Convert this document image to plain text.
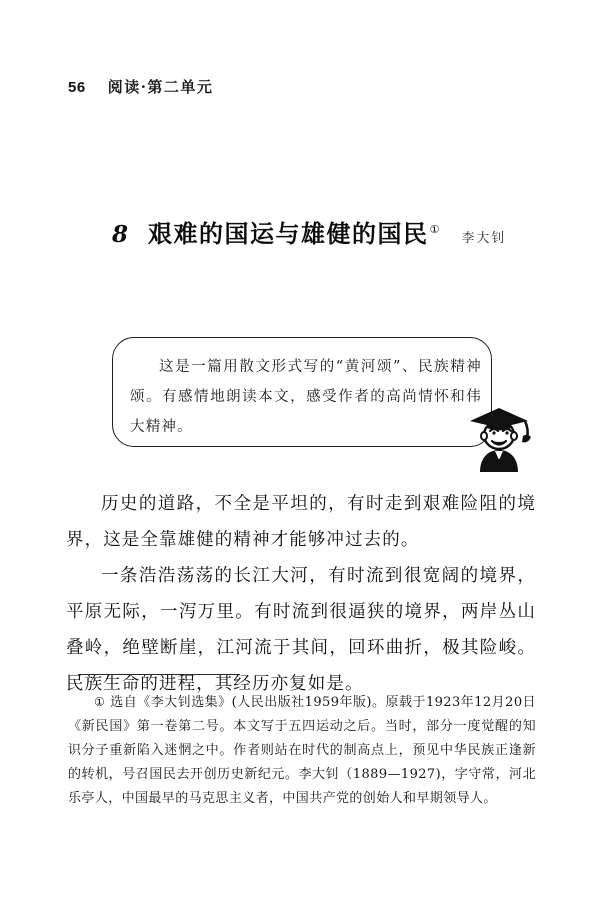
56 阅读·第二单元
8 艰难的国运与雄健的国民①
李大钊
这是一篇用散文形式写的“黄河颂”、民族精神颂。有感情地朗读本文，感受作者的高尚情怀和伟大精神。

历史的道路，不全是平坦的，有时走到艰难险阻的境界，这是全靠雄健的精神才能够冲过去的。

一条浩浩荡荡的长江大河，有时流到很宽阔的境界，平原无际，一泻万里。有时流到很逼狭的境界，两岸丛山叠岭，绝壁断崖，江河流于其间，回环曲折，极其险峻。民族生命的进程，其经历亦复如是。

① 选自《李大钊选集》(人民出版社1959年版)。原载于1923年12月20日《新民国》第一卷第二号。本文写于五四运动之后。当时，部分一度觉醒的知识分子重新陷入迷惘之中。作者则站在时代的制高点上，预见中华民族正逢新的转机，号召国民去开创历史新纪元。李大钊（1889—1927)，字守常，河北乐亭人，中国最早的马克思主义者，中国共产党的创始人和早期领导人。
